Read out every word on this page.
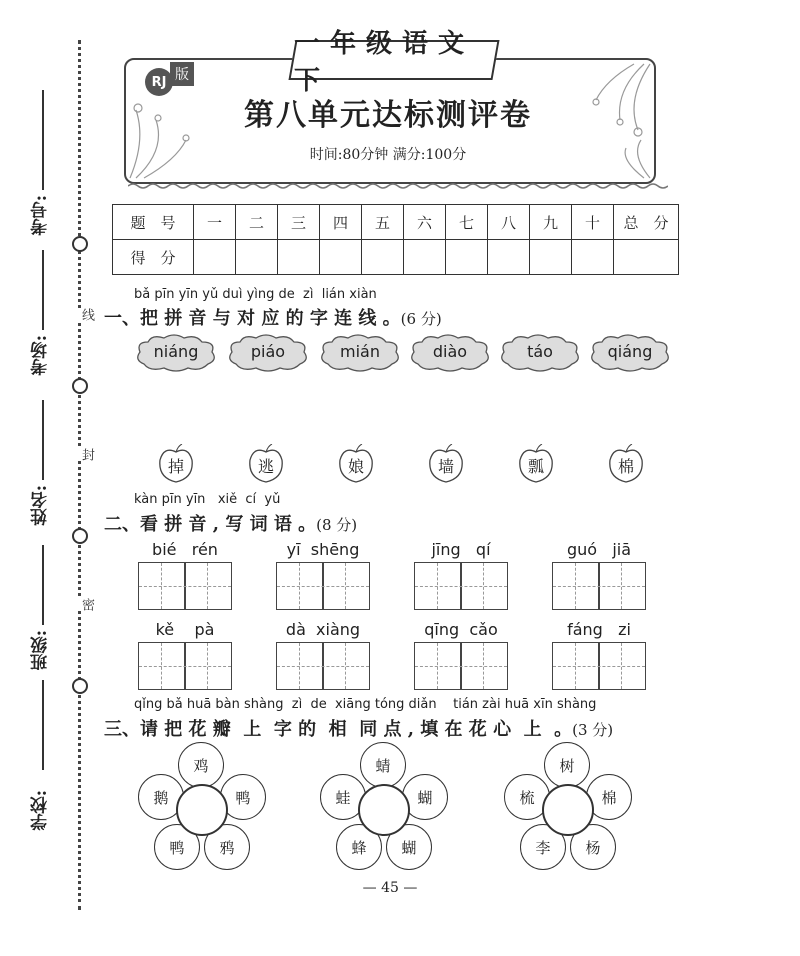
考号:
考场:
姓名:
班级:
学校:
线
封
密
一年级语文下
RJ 版
第八单元达标测评卷
时间:80分钟 满分:100分
题　号	一	二	三	四	五	六	七	八	九	十	总　分
得　分											
bǎ pīn yīn yǔ duì yìng de  zì  lián xiàn
一、把 拼 音 与 对 应 的 字 连 线 。(6 分)
niáng	piáo	mián	diào	táo	qiáng
掉	逃	娘	墙	瓢	棉
kàn pīn yīn   xiě  cí  yǔ
二、看 拼 音 , 写 词 语 。(8 分)
bié   rén	yī  shēng	jīng   qí	guó   jiā
kě    pà	dà  xiàng	qīng  cǎo	fáng   zi
qǐng bǎ huā bàn shàng  zì  de  xiāng tóng diǎn    tián zài huā xīn shàng
三、请 把 花 瓣  上  字 的  相  同 点 , 填 在 花 心  上  。(3 分)
鸡
鸭
鸦
鸭
鹅
蜻
蝴
蝴
蜂
蛙
树
棉
杨
李
梳
— 45 —
